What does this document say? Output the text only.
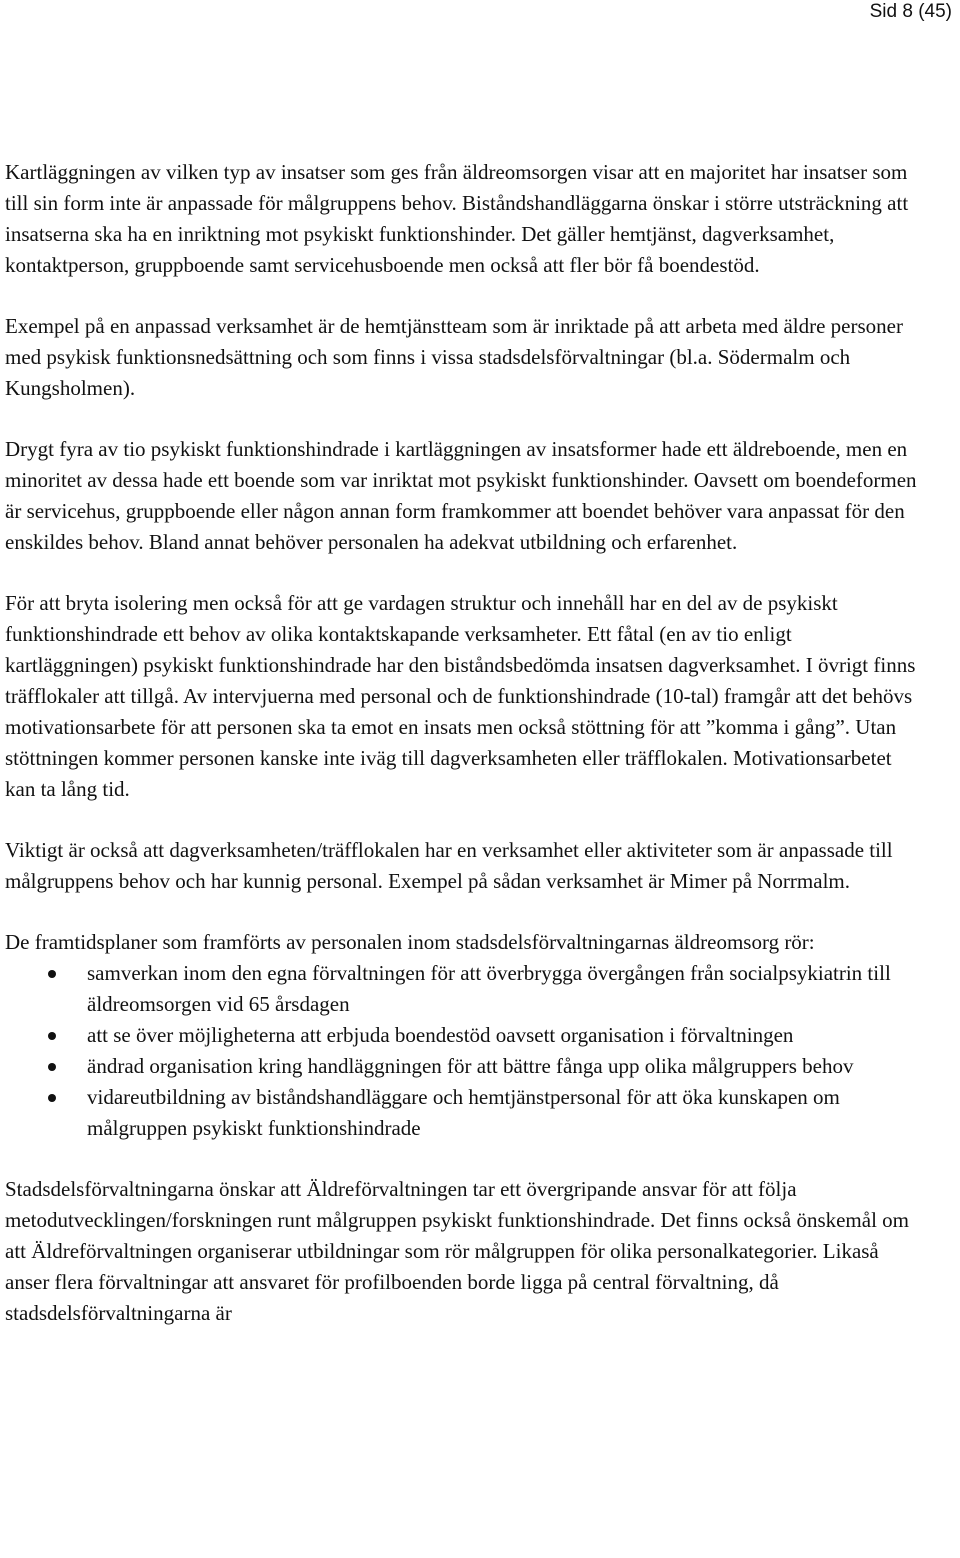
Sid 8 (45)

Kartläggningen av vilken typ av insatser som ges från äldreomsorgen visar att en majoritet har insatser som till sin form inte är anpassade för målgruppens behov. Biståndshandläggarna önskar i större utsträckning att insatserna ska ha en inriktning mot psykiskt funktionshinder. Det gäller hemtjänst, dagverksamhet, kontaktperson, gruppboende samt servicehusboende men också att fler bör få boendestöd.

Exempel på en anpassad verksamhet är de hemtjänstteam som är inriktade på att arbeta med äldre personer med psykisk funktionsnedsättning och som finns i vissa stadsdelsförvaltningar (bl.a. Södermalm och Kungsholmen).

Drygt fyra av tio psykiskt funktionshindrade i kartläggningen av insatsformer hade ett äldreboende, men en minoritet av dessa hade ett boende som var inriktat mot psykiskt funktionshinder. Oavsett om boendeformen är servicehus, gruppboende eller någon annan form framkommer att boendet behöver vara anpassat för den enskildes behov. Bland annat behöver personalen ha adekvat utbildning och erfarenhet.

För att bryta isolering men också för att ge vardagen struktur och innehåll har en del av de psykiskt funktionshindrade ett behov av olika kontaktskapande verksamheter. Ett fåtal (en av tio enligt kartläggningen) psykiskt funktionshindrade har den biståndsbedömda insatsen dagverksamhet. I övrigt finns träfflokaler att tillgå. Av intervjuerna med personal och de funktionshindrade (10-tal) framgår att det behövs motivationsarbete för att personen ska ta emot en insats men också stöttning för att ”komma i gång”. Utan stöttningen kommer personen kanske inte iväg till dagverksamheten eller träfflokalen. Motivationsarbetet kan ta lång tid.

Viktigt är också att dagverksamheten/träfflokalen har en verksamhet eller aktiviteter som är anpassade till målgruppens behov och har kunnig personal. Exempel på sådan verksamhet är Mimer på Norrmalm.

De framtidsplaner som framförts av personalen inom stadsdelsförvaltningarnas äldreomsorg rör:

samverkan inom den egna förvaltningen för att överbrygga övergången från socialpsykiatrin till äldreomsorgen vid 65 årsdagen
att se över möjligheterna att erbjuda boendestöd oavsett organisation i förvaltningen
ändrad organisation kring handläggningen för att bättre fånga upp olika målgruppers behov
vidareutbildning av biståndshandläggare och hemtjänstpersonal för att öka kunskapen om målgruppen psykiskt funktionshindrade

Stadsdelsförvaltningarna önskar att Äldreförvaltningen tar ett övergripande ansvar för att följa metodutvecklingen/forskningen runt målgruppen psykiskt funktionshindrade. Det finns också önskemål om att Äldreförvaltningen organiserar utbildningar som rör målgruppen för olika personalkategorier. Likaså anser flera förvaltningar att ansvaret för profilboenden borde ligga på central förvaltning, då stadsdelsförvaltningarna är
